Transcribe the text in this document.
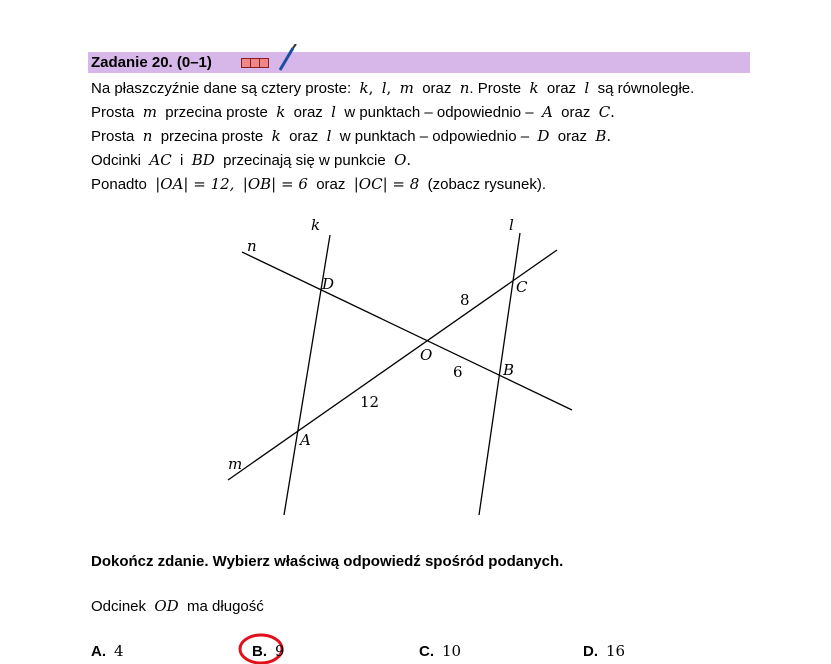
Zadanie 20. (0–1)
Na płaszczyźnie dane są cztery proste: k, l, m oraz n. Proste k oraz l są równoległe.
Prosta m przecina proste k oraz l w punktach – odpowiednio – A oraz C.
Prosta n przecina proste k oraz l w punktach – odpowiednio – D oraz B.
Odcinki AC i BD przecinają się w punkcie O.
Ponadto |OA| = 12, |OB| = 6 oraz |OC| = 8 (zobacz rysunek).
k	l
n
m
D	C
O
B
A
8
6
12
Dokończ zdanie. Wybierz właściwą odpowiedź spośród podanych.
Odcinek OD ma długość
A. 4	B. 9	C. 10	D. 16
